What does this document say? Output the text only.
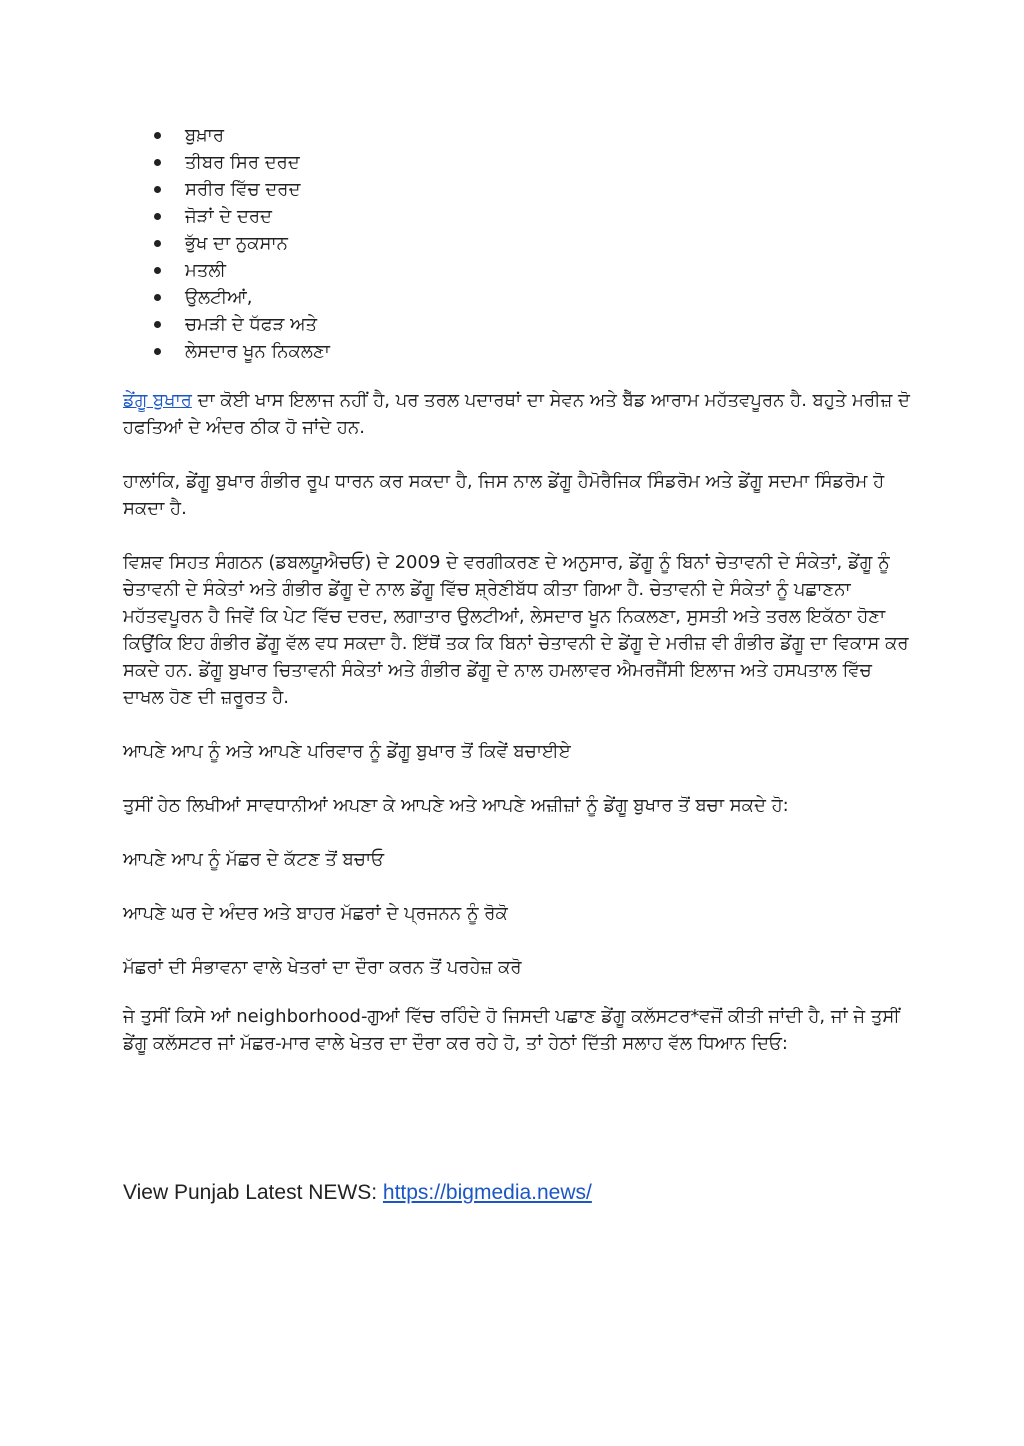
ਬੁਖ਼ਾਰ
ਤੀਬਰ ਸਿਰ ਦਰਦ
ਸਰੀਰ ਵਿੱਚ ਦਰਦ
ਜੋੜਾਂ ਦੇ ਦਰਦ
ਭੁੱਖ ਦਾ ਨੁਕਸਾਨ
ਮਤਲੀ
ਉਲਟੀਆਂ,
ਚਮੜੀ ਦੇ ਧੱਫੜ ਅਤੇ
ਲੇਸਦਾਰ ਖੂਨ ਨਿਕਲਣਾ

ਡੇਂਗੂ ਬੁਖਾਰ ਦਾ ਕੋਈ ਖਾਸ ਇਲਾਜ ਨਹੀਂ ਹੈ, ਪਰ ਤਰਲ ਪਦਾਰਥਾਂ ਦਾ ਸੇਵਨ ਅਤੇ ਬੈੱਡ ਆਰਾਮ ਮਹੱਤਵਪੂਰਨ ਹੈ. ਬਹੁਤੇ ਮਰੀਜ਼ ਦੋ ਹਫਤਿਆਂ ਦੇ ਅੰਦਰ ਠੀਕ ਹੋ ਜਾਂਦੇ ਹਨ.

ਹਾਲਾਂਕਿ, ਡੇਂਗੂ ਬੁਖਾਰ ਗੰਭੀਰ ਰੂਪ ਧਾਰਨ ਕਰ ਸਕਦਾ ਹੈ, ਜਿਸ ਨਾਲ ਡੇਂਗੂ ਹੈਮੋਰੈਜਿਕ ਸਿੰਡਰੋਮ ਅਤੇ ਡੇਂਗੂ ਸਦਮਾ ਸਿੰਡਰੋਮ ਹੋ ਸਕਦਾ ਹੈ.

ਵਿਸ਼ਵ ਸਿਹਤ ਸੰਗਠਨ (ਡਬਲਯੂਐਚਓ) ਦੇ 2009 ਦੇ ਵਰਗੀਕਰਣ ਦੇ ਅਨੁਸਾਰ, ਡੇਂਗੂ ਨੂੰ ਬਿਨਾਂ ਚੇਤਾਵਨੀ ਦੇ ਸੰਕੇਤਾਂ, ਡੇਂਗੂ ਨੂੰ ਚੇਤਾਵਨੀ ਦੇ ਸੰਕੇਤਾਂ ਅਤੇ ਗੰਭੀਰ ਡੇਂਗੂ ਦੇ ਨਾਲ ਡੇਂਗੂ ਵਿੱਚ ਸ਼੍ਰੇਣੀਬੱਧ ਕੀਤਾ ਗਿਆ ਹੈ. ਚੇਤਾਵਨੀ ਦੇ ਸੰਕੇਤਾਂ ਨੂੰ ਪਛਾਣਨਾ ਮਹੱਤਵਪੂਰਨ ਹੈ ਜਿਵੇਂ ਕਿ ਪੇਟ ਵਿੱਚ ਦਰਦ, ਲਗਾਤਾਰ ਉਲਟੀਆਂ, ਲੇਸਦਾਰ ਖੂਨ ਨਿਕਲਣਾ, ਸੁਸਤੀ ਅਤੇ ਤਰਲ ਇਕੱਠਾ ਹੋਣਾ ਕਿਉਂਕਿ ਇਹ ਗੰਭੀਰ ਡੇਂਗੂ ਵੱਲ ਵਧ ਸਕਦਾ ਹੈ. ਇੱਥੋਂ ਤਕ ਕਿ ਬਿਨਾਂ ਚੇਤਾਵਨੀ ਦੇ ਡੇਂਗੂ ਦੇ ਮਰੀਜ਼ ਵੀ ਗੰਭੀਰ ਡੇਂਗੂ ਦਾ ਵਿਕਾਸ ਕਰ ਸਕਦੇ ਹਨ. ਡੇਂਗੂ ਬੁਖਾਰ ਚਿਤਾਵਨੀ ਸੰਕੇਤਾਂ ਅਤੇ ਗੰਭੀਰ ਡੇਂਗੂ ਦੇ ਨਾਲ ਹਮਲਾਵਰ ਐਮਰਜੈਂਸੀ ਇਲਾਜ ਅਤੇ ਹਸਪਤਾਲ ਵਿੱਚ ਦਾਖਲ ਹੋਣ ਦੀ ਜ਼ਰੂਰਤ ਹੈ.

ਆਪਣੇ ਆਪ ਨੂੰ ਅਤੇ ਆਪਣੇ ਪਰਿਵਾਰ ਨੂੰ ਡੇਂਗੂ ਬੁਖਾਰ ਤੋਂ ਕਿਵੇਂ ਬਚਾਈਏ

ਤੁਸੀਂ ਹੇਠ ਲਿਖੀਆਂ ਸਾਵਧਾਨੀਆਂ ਅਪਣਾ ਕੇ ਆਪਣੇ ਅਤੇ ਆਪਣੇ ਅਜ਼ੀਜ਼ਾਂ ਨੂੰ ਡੇਂਗੂ ਬੁਖਾਰ ਤੋਂ ਬਚਾ ਸਕਦੇ ਹੋ:

ਆਪਣੇ ਆਪ ਨੂੰ ਮੱਛਰ ਦੇ ਕੱਟਣ ਤੋਂ ਬਚਾਓ

ਆਪਣੇ ਘਰ ਦੇ ਅੰਦਰ ਅਤੇ ਬਾਹਰ ਮੱਛਰਾਂ ਦੇ ਪ੍ਰਜਨਨ ਨੂੰ ਰੋਕੋ

ਮੱਛਰਾਂ ਦੀ ਸੰਭਾਵਨਾ ਵਾਲੇ ਖੇਤਰਾਂ ਦਾ ਦੌਰਾ ਕਰਨ ਤੋਂ ਪਰਹੇਜ਼ ਕਰੋ

ਜੇ ਤੁਸੀਂ ਕਿਸੇ ਆਂ neighborhood-ਗੁਆਂ ਵਿੱਚ ਰਹਿੰਦੇ ਹੋ ਜਿਸਦੀ ਪਛਾਣ ਡੇਂਗੂ ਕਲੱਸਟਰ*ਵਜੋਂ ਕੀਤੀ ਜਾਂਦੀ ਹੈ, ਜਾਂ ਜੇ ਤੁਸੀਂ ਡੇਂਗੂ ਕਲੱਸਟਰ ਜਾਂ ਮੱਛਰ-ਮਾਰ ਵਾਲੇ ਖੇਤਰ ਦਾ ਦੌਰਾ ਕਰ ਰਹੇ ਹੋ, ਤਾਂ ਹੇਠਾਂ ਦਿੱਤੀ ਸਲਾਹ ਵੱਲ ਧਿਆਨ ਦਿਓ:

View Punjab Latest NEWS: https://bigmedia.news/
